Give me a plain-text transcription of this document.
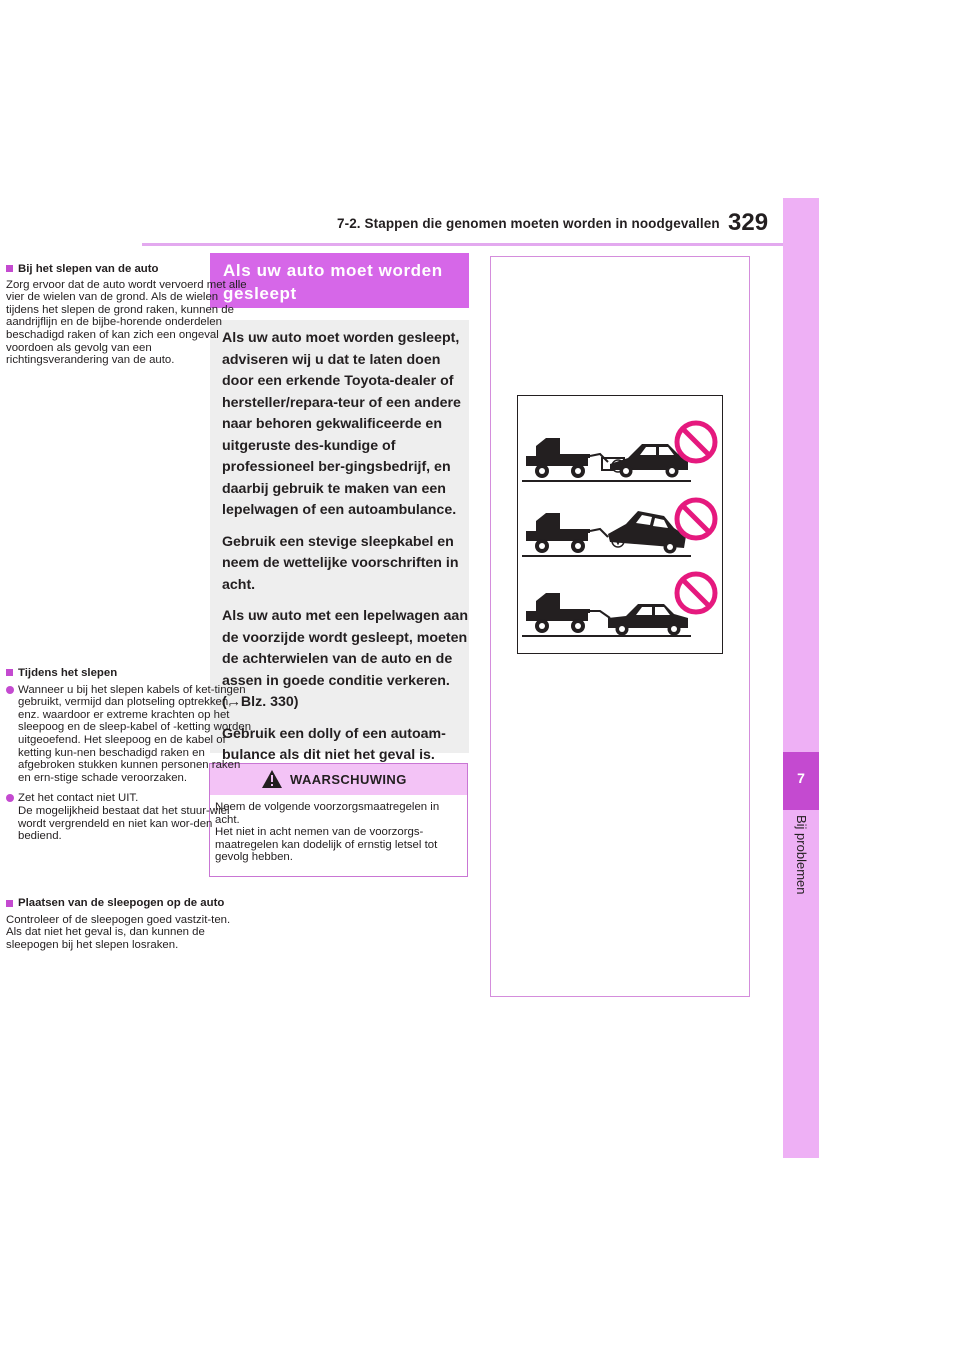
7-2. Stappen die genomen moeten worden in noodgevallen 329
7
Bij problemen
Als uw auto moet worden gesleept

Als uw auto moet worden gesleept, adviseren wij u dat te laten doen door een erkende Toyota-dealer of hersteller/repara-teur of een andere naar behoren gekwalificeerde en uitgeruste des-kundige of professioneel ber-gingsbedrijf, en daarbij gebruik te maken van een lepelwagen of een autoambulance.

Gebruik een stevige sleepkabel en neem de wettelijke voorschriften in acht.

Als uw auto met een lepelwagen aan de voorzijde wordt gesleept, moeten de achterwielen van de auto en de assen in goede conditie verkeren. (→Blz. 330)

Gebruik een dolly of een autoam-bulance als dit niet het geval is.

WAARSCHUWING
Neem de volgende voorzorgsmaatregelen in acht.
Het niet in acht nemen van de voorzorgs-maatregelen kan dodelijk of ernstig letsel tot gevolg hebben.
Bij het slepen van de auto
Zorg ervoor dat de auto wordt vervoerd met alle vier de wielen van de grond. Als de wielen tijdens het slepen de grond raken, kunnen de aandrijflijn en de bijbe-horende onderdelen beschadigd raken of kan zich een ongeval voordoen als gevolg van een richtingsverandering van de auto.
Tijdens het slepen
Wanneer u bij het slepen kabels of ket-tingen gebruikt, vermijd dan plotseling optrekken, enz. waardoor er extreme krachten op het sleepoog en de sleep-kabel of -ketting worden uitgeoefend. Het sleepoog en de kabel of ketting kun-nen beschadigd raken en afgebroken stukken kunnen personen raken en ern-stige schade veroorzaken.
Zet het contact niet UIT.
De mogelijkheid bestaat dat het stuur-wiel wordt vergrendeld en niet kan wor-den bediend.
Plaatsen van de sleepogen op de auto
Controleer of de sleepogen goed vastzit-ten.
Als dat niet het geval is, dan kunnen de sleepogen bij het slepen losraken.
